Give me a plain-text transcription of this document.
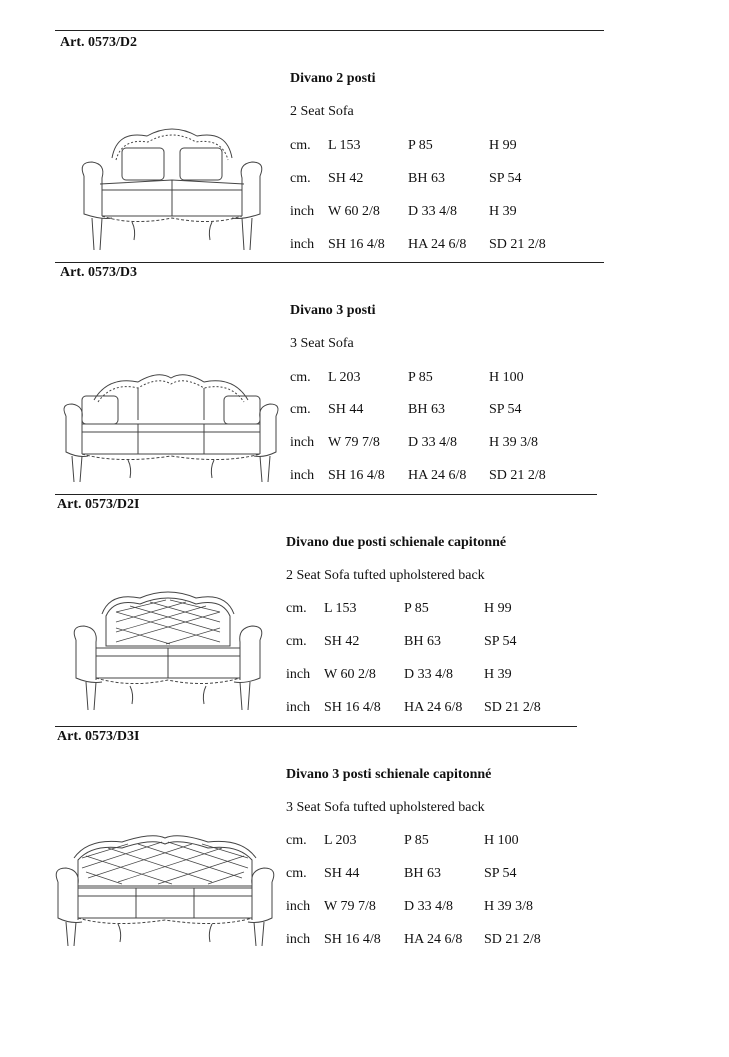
Art. 0573/D2
Divano 2 posti
2 Seat Sofa
cm. L 153	P 85	H 99
cm. SH 42	BH 63	SP 54
inch W 60 2/8 D 33 4/8 H 39
inch SH 16 4/8 HA 24 6/8 SD 21 2/8
Art. 0573/D3
Divano 3 posti
3 Seat Sofa
cm. L 203	P 85	H 100
cm. SH 44	BH 63	SP 54
inch W 79 7/8 D 33 4/8 H 39 3/8
inch SH 16 4/8 HA 24 6/8 SD 21 2/8
Art. 0573/D2I
Divano due posti schienale capitonné
2 Seat Sofa tufted upholstered back
cm. L 153	P 85	H 99
cm. SH 42	BH 63	SP 54
inch W 60 2/8 D 33 4/8 H 39
inch SH 16 4/8 HA 24 6/8 SD 21 2/8
Art. 0573/D3I
Divano 3 posti schienale capitonné
3 Seat Sofa tufted upholstered back
cm. L 203	P 85	H 100
cm. SH 44	BH 63	SP 54
inch W 79 7/8 D 33 4/8 H 39 3/8
inch SH 16 4/8 HA 24 6/8 SD 21 2/8
